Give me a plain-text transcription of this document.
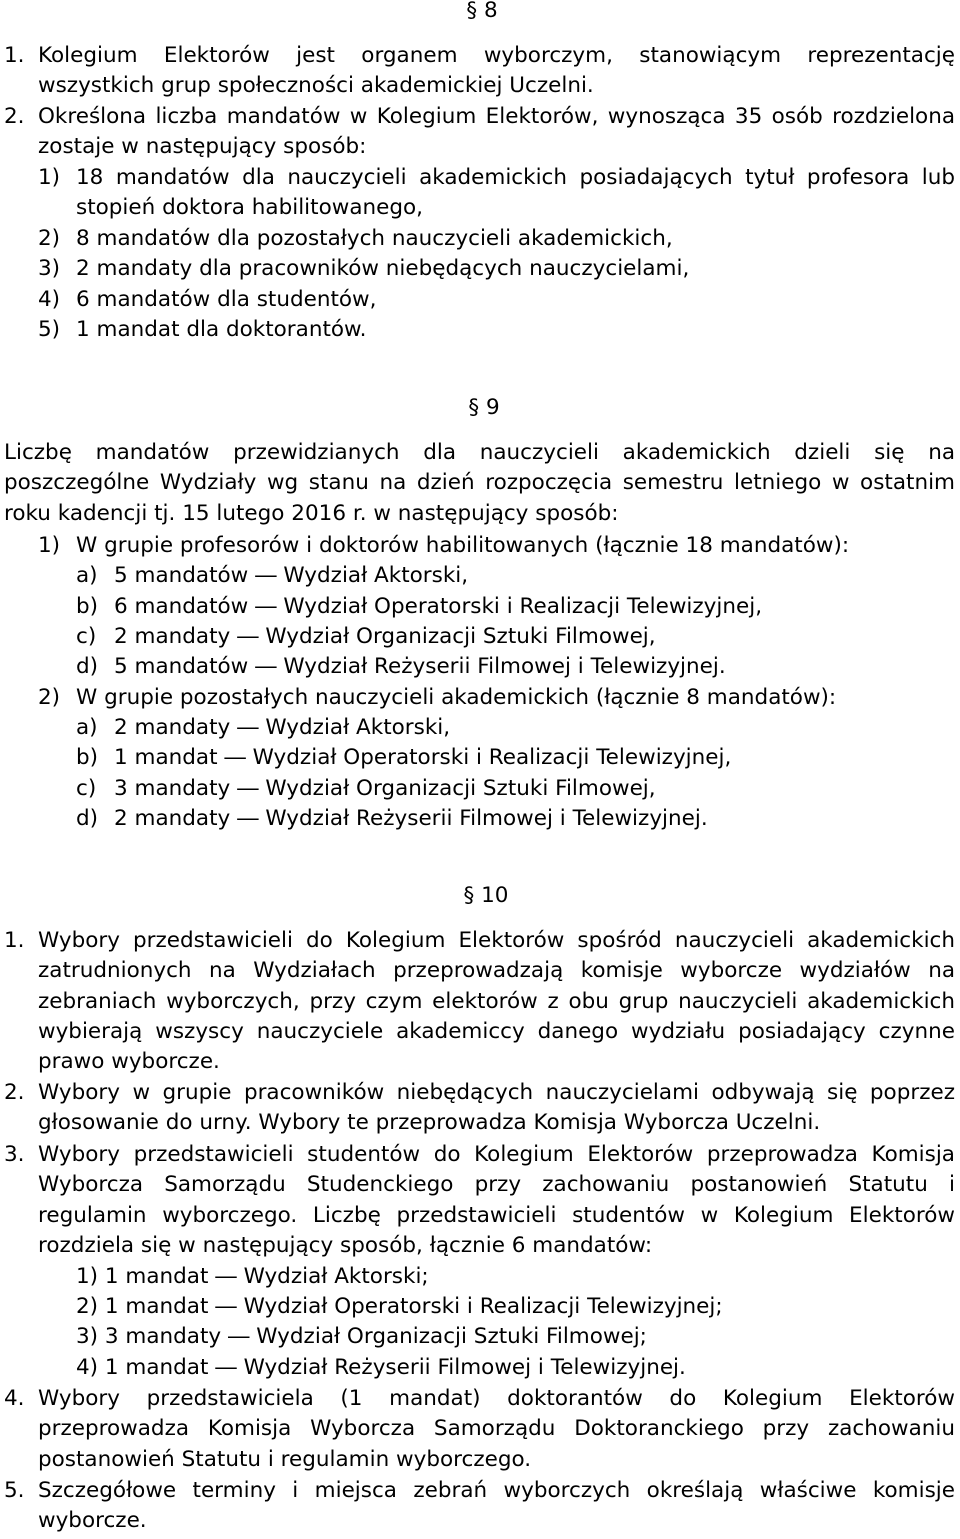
§ 8
1. Kolegium Elektorów jest organem wyborczym, stanowiącym reprezentację wszystkich grup społeczności akademickiej Uczelni.
2. Określona liczba mandatów w Kolegium Elektorów, wynosząca 35 osób rozdzielona zostaje w następujący sposób:
1) 18 mandatów dla nauczycieli akademickich posiadających tytuł profesora lub stopień doktora habilitowanego,
2) 8 mandatów dla pozostałych nauczycieli akademickich,
3) 2 mandaty dla pracowników niebędących nauczycielami,
4) 6 mandatów dla studentów,
5) 1 mandat dla doktorantów.
§ 9
Liczbę mandatów przewidzianych dla nauczycieli akademickich dzieli się na poszczególne Wydziały wg stanu na dzień rozpoczęcia semestru letniego w ostatnim roku kadencji tj. 15 lutego 2016 r. w następujący sposób:
1) W grupie profesorów i doktorów habilitowanych (łącznie 18 mandatów):
a) 5 mandatów ― Wydział Aktorski,
b) 6 mandatów ― Wydział Operatorski i Realizacji Telewizyjnej,
c) 2 mandaty ― Wydział Organizacji Sztuki Filmowej,
d) 5 mandatów ― Wydział Reżyserii Filmowej i Telewizyjnej.
2) W grupie pozostałych nauczycieli akademickich (łącznie 8 mandatów):
a) 2 mandaty ― Wydział Aktorski,
b) 1 mandat ― Wydział Operatorski i Realizacji Telewizyjnej,
c) 3 mandaty ― Wydział Organizacji Sztuki Filmowej,
d) 2 mandaty ― Wydział Reżyserii Filmowej i Telewizyjnej.
§ 10
1. Wybory przedstawicieli do Kolegium Elektorów spośród nauczycieli akademickich zatrudnionych na Wydziałach przeprowadzają komisje wyborcze wydziałów na zebraniach wyborczych, przy czym elektorów z obu grup nauczycieli akademickich wybierają wszyscy nauczyciele akademiccy danego wydziału posiadający czynne prawo wyborcze.
2. Wybory w grupie pracowników niebędących nauczycielami odbywają się poprzez głosowanie do urny. Wybory te przeprowadza Komisja Wyborcza Uczelni.
3. Wybory przedstawicieli studentów do Kolegium Elektorów przeprowadza Komisja Wyborcza Samorządu Studenckiego przy zachowaniu postanowień Statutu i regulamin wyborczego. Liczbę przedstawicieli studentów w Kolegium Elektorów rozdziela się w następujący sposób, łącznie 6 mandatów:
1) 1 mandat ― Wydział Aktorski;
2) 1 mandat ― Wydział Operatorski i Realizacji Telewizyjnej;
3) 3 mandaty ― Wydział Organizacji Sztuki Filmowej;
4) 1 mandat ― Wydział Reżyserii Filmowej i Telewizyjnej.
4. Wybory przedstawiciela (1 mandat) doktorantów do Kolegium Elektorów przeprowadza Komisja Wyborcza Samorządu Doktoranckiego przy zachowaniu postanowień Statutu i regulamin wyborczego.
5. Szczegółowe terminy i miejsca zebrań wyborczych określają właściwe komisje wyborcze.
